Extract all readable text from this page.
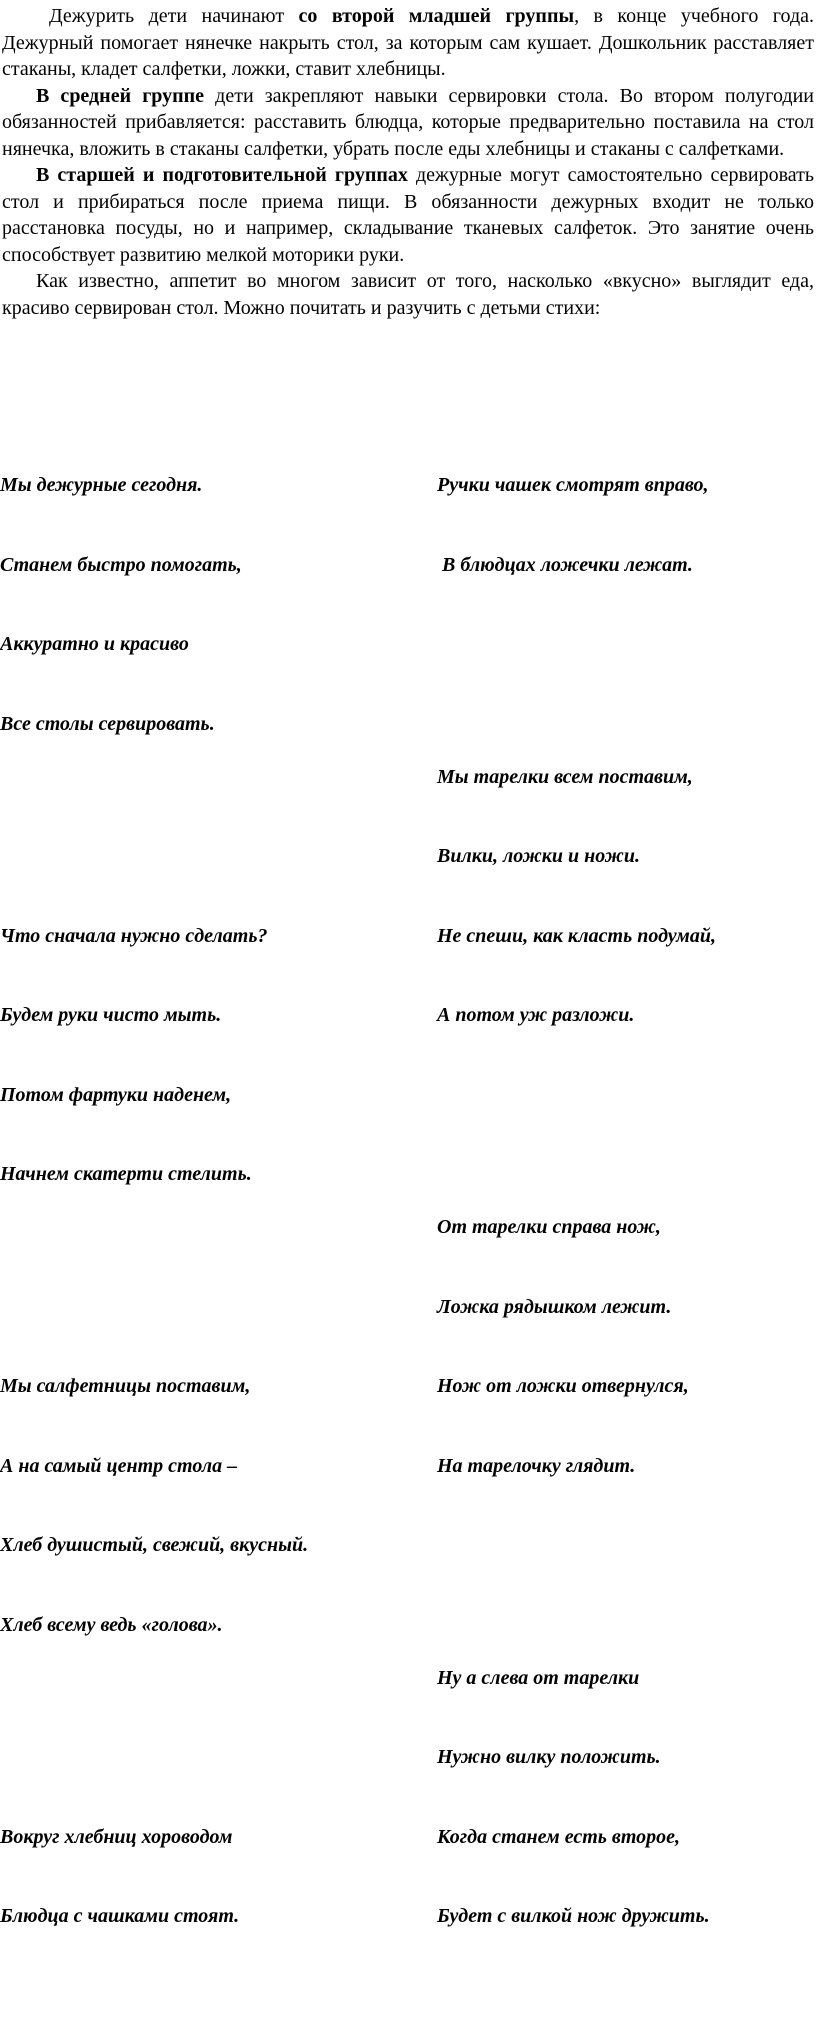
Дежурить дети начинают со второй младшей группы, в конце учебного года. Дежурный помогает нянечке накрыть стол, за которым сам кушает. Дошкольник расставляет стаканы, кладет салфетки, ложки, ставит хлебницы.

В средней группе дети закрепляют навыки сервировки стола. Во втором полугодии обязанностей прибавляется: расставить блюдца, которые предварительно поставила на стол нянечка, вложить в стаканы салфетки, убрать после еды хлебницы и стаканы с салфетками.

В старшей и подготовительной группах дежурные могут самостоятельно сервировать стол и прибираться после приема пищи. В обязанности дежурных входит не только расстановка посуды, но и например, складывание тканевых салфеток. Это занятие очень способствует развитию мелкой моторики руки.

Как известно, аппетит во многом зависит от того, насколько «вкусно» выглядит еда, красиво сервирован стол. Можно почитать и разучить с детьми стихи:

Мы дежурные сегодня.

Станем быстро помогать,

Аккуратно и красиво

Все столы сервировать.

Что сначала нужно сделать?

Будем руки чисто мыть.

Потом фартуки наденем,

Начнем скатерти стелить.

Мы салфетницы поставим,

А на самый центр стола –

Хлеб душистый, свежий, вкусный.

Хлеб всему ведь «голова».

Вокруг хлебниц хороводом

Блюдца с чашками стоят.

Ручки чашек смотрят вправо,

В блюдцах ложечки лежат.

Мы тарелки всем поставим,

Вилки, ложки и ножи.

Не спеши, как класть подумай,

А потом уж разложи.

От тарелки справа нож,

Ложка рядышком лежит.

Нож от ложки отвернулся,

На тарелочку глядит.

Ну а слева от тарелки

Нужно вилку положить.

Когда станем есть второе,

Будет с вилкой нож дружить.
